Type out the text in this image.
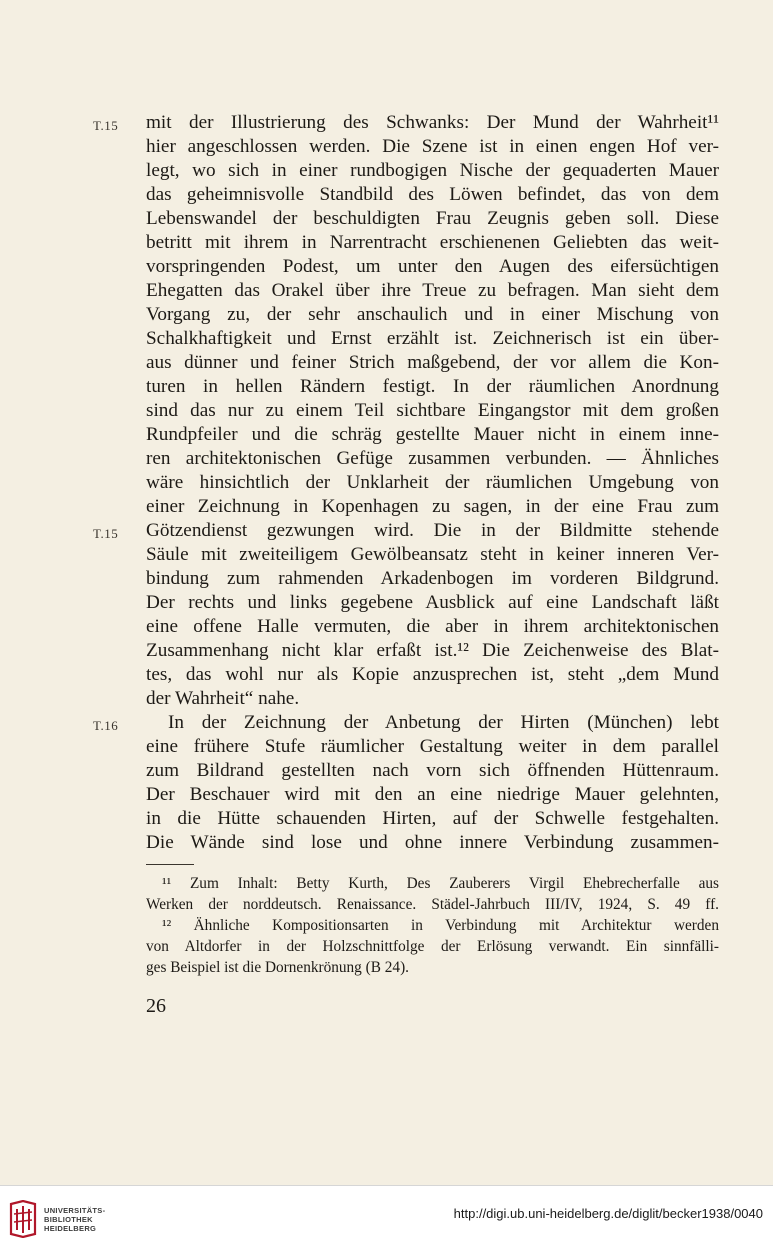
T.15
T.15
T.16
mit der Illustrierung des Schwanks: Der Mund der Wahrheit¹¹
hier angeschlossen werden. Die Szene ist in einen engen Hof ver-
legt, wo sich in einer rundbogigen Nische der gequaderten Mauer
das geheimnisvolle Standbild des Löwen befindet, das von dem
Lebenswandel der beschuldigten Frau Zeugnis geben soll. Diese
betritt mit ihrem in Narrentracht erschienenen Geliebten das weit-
vorspringenden Podest, um unter den Augen des eifersüchtigen
Ehegatten das Orakel über ihre Treue zu befragen. Man sieht dem
Vorgang zu, der sehr anschaulich und in einer Mischung von
Schalkhaftigkeit und Ernst erzählt ist. Zeichnerisch ist ein über-
aus dünner und feiner Strich maßgebend, der vor allem die Kon-
turen in hellen Rändern festigt. In der räumlichen Anordnung
sind das nur zu einem Teil sichtbare Eingangstor mit dem großen
Rundpfeiler und die schräg gestellte Mauer nicht in einem inne-
ren architektonischen Gefüge zusammen verbunden. — Ähnliches
wäre hinsichtlich der Unklarheit der räumlichen Umgebung von
einer Zeichnung in Kopenhagen zu sagen, in der eine Frau zum
Götzendienst gezwungen wird. Die in der Bildmitte stehende
Säule mit zweiteiligem Gewölbeansatz steht in keiner inneren Ver-
bindung zum rahmenden Arkadenbogen im vorderen Bildgrund.
Der rechts und links gegebene Ausblick auf eine Landschaft läßt
eine offene Halle vermuten, die aber in ihrem architektonischen
Zusammenhang nicht klar erfaßt ist.¹² Die Zeichenweise des Blat-
tes, das wohl nur als Kopie anzusprechen ist, steht „dem Mund
der Wahrheit“ nahe.
In der Zeichnung der Anbetung der Hirten (München) lebt
eine frühere Stufe räumlicher Gestaltung weiter in dem parallel
zum Bildrand gestellten nach vorn sich öffnenden Hüttenraum.
Der Beschauer wird mit den an eine niedrige Mauer gelehnten,
in die Hütte schauenden Hirten, auf der Schwelle festgehalten.
Die Wände sind lose und ohne innere Verbindung zusammen-
¹¹ Zum Inhalt: Betty Kurth, Des Zauberers Virgil Ehebrecherfalle aus
Werken der norddeutsch. Renaissance. Städel-Jahrbuch III/IV, 1924, S. 49 ff.
¹² Ähnliche Kompositionsarten in Verbindung mit Architektur werden
von Altdorfer in der Holzschnittfolge der Erlösung verwandt. Ein sinnfälli-
ges Beispiel ist die Dornenkrönung (B 24).
26
UNIVERSITÄTS-
BIBLIOTHEK
HEIDELBERG
http://digi.ub.uni-heidelberg.de/diglit/becker1938/0040
